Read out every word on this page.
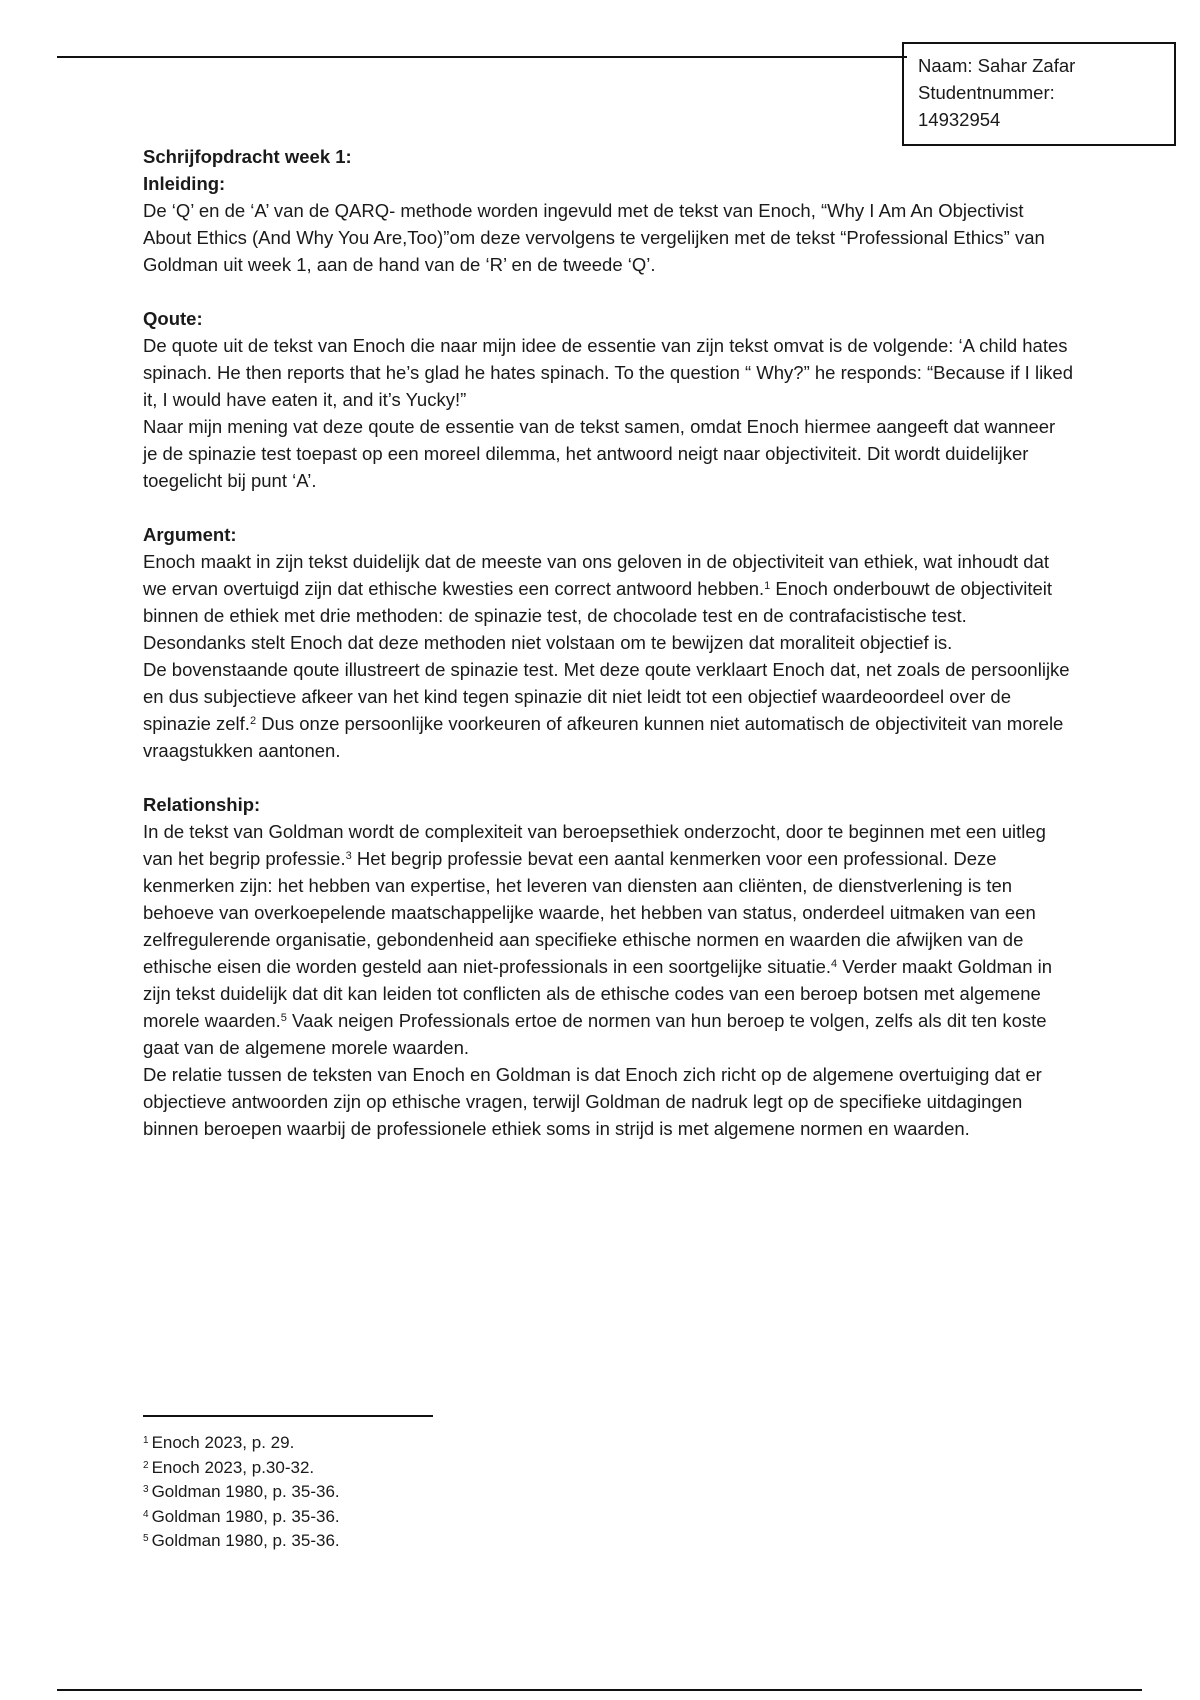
Naam: Sahar Zafar
Studentnummer:
14932954

Schrijfopdracht week 1:

Inleiding:

De ‘Q’ en de ‘A’ van de QARQ- methode worden ingevuld met de tekst van Enoch, “Why I Am An Objectivist About Ethics (And Why You Are,Too)”om deze vervolgens te vergelijken met de tekst “Professional Ethics” van Goldman uit week 1, aan de hand van de ‘R’ en de tweede ‘Q’.

Qoute:

De quote uit de tekst van Enoch die naar mijn idee de essentie van zijn tekst omvat is de volgende: ‘A child hates spinach. He then reports that he’s glad he hates spinach. To the question “ Why?” he responds: “Because if I liked it, I would have eaten it, and it’s Yucky!”

Naar mijn mening vat deze qoute de essentie van de tekst samen, omdat Enoch hiermee aangeeft dat wanneer je de spinazie test toepast op een moreel dilemma, het antwoord neigt naar objectiviteit. Dit wordt duidelijker toegelicht bij punt ‘A’.

Argument:

Enoch maakt in zijn tekst duidelijk dat de meeste van ons geloven in de objectiviteit van ethiek, wat inhoudt dat we ervan overtuigd zijn dat ethische kwesties een correct antwoord hebben.$^1$ Enoch onderbouwt de objectiviteit binnen de ethiek met drie methoden: de spinazie test, de chocolade test en de contrafacistische test. Desondanks stelt Enoch dat deze methoden niet volstaan om te bewijzen dat moraliteit objectief is.

De bovenstaande qoute illustreert de spinazie test. Met deze qoute verklaart Enoch dat, net zoals de persoonlijke en dus subjectieve afkeer van het kind tegen spinazie dit niet leidt tot een objectief waardeoordeel over de spinazie zelf.$^2$ Dus onze persoonlijke voorkeuren of afkeuren kunnen niet automatisch de objectiviteit van morele vraagstukken aantonen.

Relationship:

In de tekst van Goldman wordt de complexiteit van beroepsethiek onderzocht, door te beginnen met een uitleg van het begrip professie.$^3$ Het begrip professie bevat een aantal kenmerken voor een professional. Deze kenmerken zijn: het hebben van expertise, het leveren van diensten aan cliënten, de dienstverlening is ten behoeve van overkoepelende maatschappelijke waarde, het hebben van status, onderdeel uitmaken van een zelfregulerende organisatie, gebondenheid aan specifieke ethische normen en waarden die afwijken van de ethische eisen die worden gesteld aan niet-professionals in een soortgelijke situatie.$^4$ Verder maakt Goldman in zijn tekst duidelijk dat dit kan leiden tot conflicten als de ethische codes van een beroep botsen met algemene morele waarden.$^5$ Vaak neigen Professionals ertoe de normen van hun beroep te volgen, zelfs als dit ten koste gaat van de algemene morele waarden.

De relatie tussen de teksten van Enoch en Goldman is dat Enoch zich richt op de algemene overtuiging dat er objectieve antwoorden zijn op ethische vragen, terwijl Goldman de nadruk legt op de specifieke uitdagingen binnen beroepen waarbij de professionele ethiek soms in strijd is met algemene normen en waarden.

$^1$ Enoch 2023, p. 29.
$^2$ Enoch 2023, p.30-32.
$^3$ Goldman 1980, p. 35-36.
$^4$ Goldman 1980, p. 35-36.
$^5$ Goldman 1980, p. 35-36.
